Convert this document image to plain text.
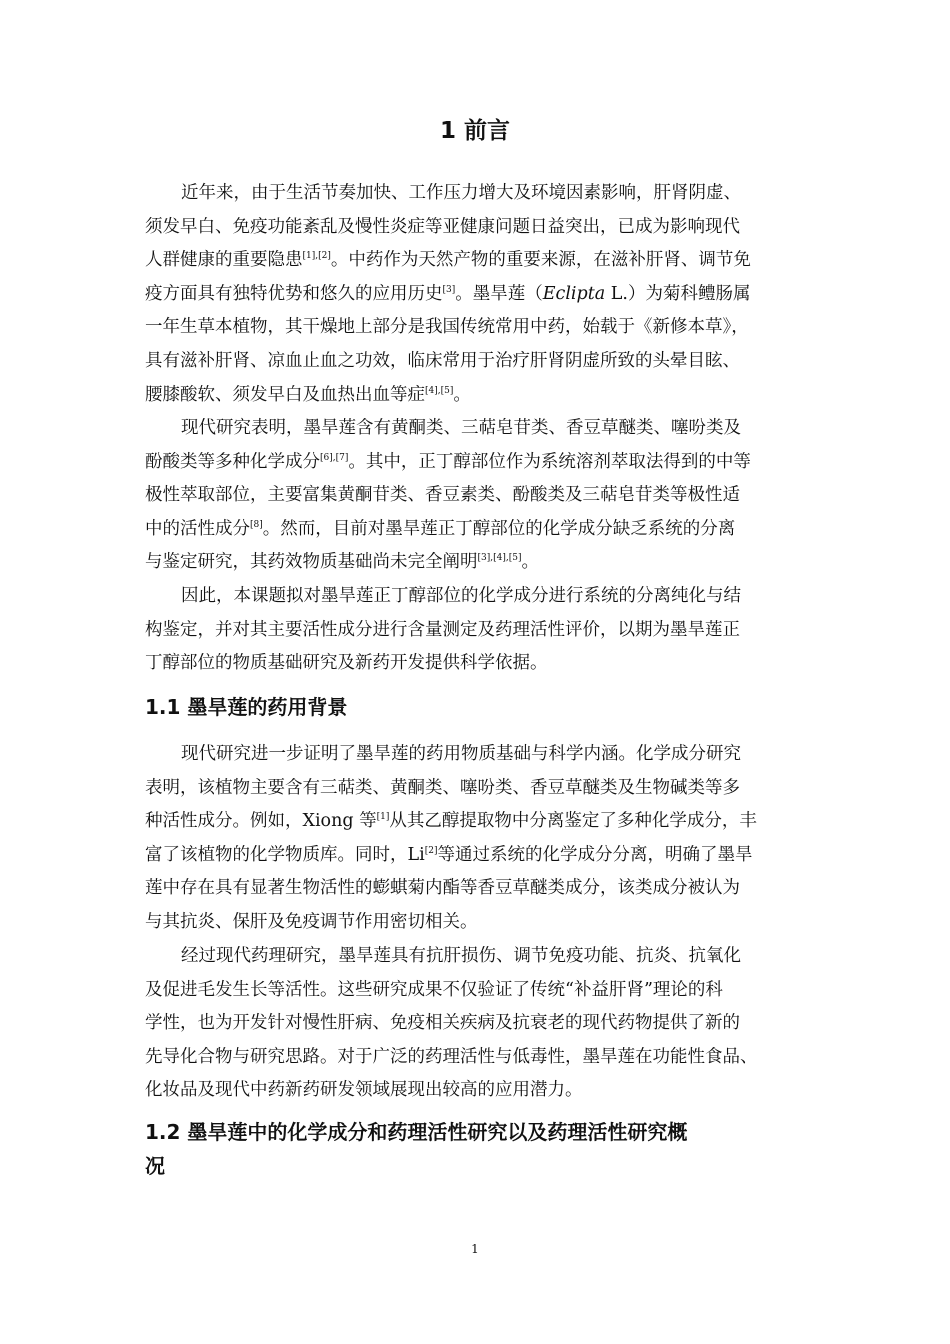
1 前言

近年来，由于生活节奏加快、工作压力增大及环境因素影响，肝肾阴虚、
须发早白、免疫功能紊乱及慢性炎症等亚健康问题日益突出，已成为影响现代
人群健康的重要隐患[1],[2]。中药作为天然产物的重要来源，在滋补肝肾、调节免
疫方面具有独特优势和悠久的应用历史[3]。墨旱莲（Eclipta L.）为菊科鳢肠属
一年生草本植物，其干燥地上部分是我国传统常用中药，始载于《新修本草》，
具有滋补肝肾、凉血止血之功效，临床常用于治疗肝肾阴虚所致的头晕目眩、
腰膝酸软、须发早白及血热出血等症[4],[5]。

现代研究表明，墨旱莲含有黄酮类、三萜皂苷类、香豆草醚类、噻吩类及
酚酸类等多种化学成分[6],[7]。其中，正丁醇部位作为系统溶剂萃取法得到的中等
极性萃取部位，主要富集黄酮苷类、香豆素类、酚酸类及三萜皂苷类等极性适
中的活性成分[8]。然而，目前对墨旱莲正丁醇部位的化学成分缺乏系统的分离
与鉴定研究，其药效物质基础尚未完全阐明[3],[4],[5]。

因此，本课题拟对墨旱莲正丁醇部位的化学成分进行系统的分离纯化与结
构鉴定，并对其主要活性成分进行含量测定及药理活性评价，以期为墨旱莲正
丁醇部位的物质基础研究及新药开发提供科学依据。

1.1 墨旱莲的药用背景

现代研究进一步证明了墨旱莲的药用物质基础与科学内涵。化学成分研究
表明，该植物主要含有三萜类、黄酮类、噻吩类、香豆草醚类及生物碱类等多
种活性成分。例如，Xiong 等[1]从其乙醇提取物中分离鉴定了多种化学成分，丰
富了该植物的化学物质库。同时，Li[2]等通过系统的化学成分分离，明确了墨旱
莲中存在具有显著生物活性的蟛蜞菊内酯等香豆草醚类成分，该类成分被认为
与其抗炎、保肝及免疫调节作用密切相关。

经过现代药理研究，墨旱莲具有抗肝损伤、调节免疫功能、抗炎、抗氧化
及促进毛发生长等活性。这些研究成果不仅验证了传统“补益肝肾”理论的科
学性，也为开发针对慢性肝病、免疫相关疾病及抗衰老的现代药物提供了新的
先导化合物与研究思路。对于广泛的药理活性与低毒性，墨旱莲在功能性食品、
化妆品及现代中药新药研发领域展现出较高的应用潜力。

1.2 墨旱莲中的化学成分和药理活性研究以及药理活性研究概
况
1
